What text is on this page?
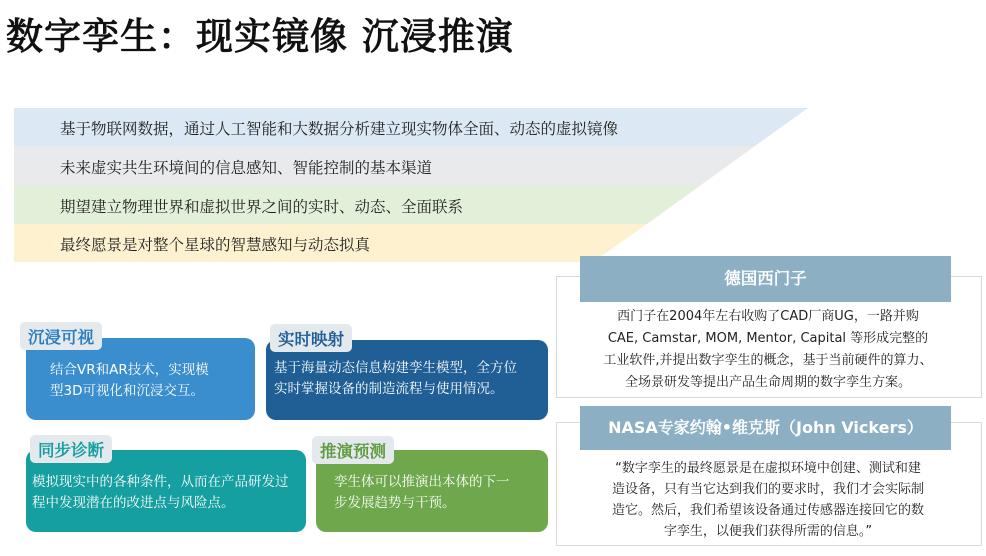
数字孪生：现实镜像 沉浸推演
基于物联网数据，通过人工智能和大数据分析建立现实物体全面、动态的虚拟镜像
未来虚实共生环境间的信息感知、智能控制的基本渠道
期望建立物理世界和虚拟世界之间的实时、动态、全面联系
最终愿景是对整个星球的智慧感知与动态拟真
结合VR和AR技术，实现模
型3D可视化和沉浸交互。
沉浸可视
基于海量动态信息构建孪生模型，全方位
实时掌握设备的制造流程与使用情况。
实时映射
模拟现实中的各种条件，从而在产品研发过
程中发现潜在的改进点与风险点。
同步诊断
孪生体可以推演出本体的下一
步发展趋势与干预。
推演预测
德国西门子
西门子在2004年左右收购了CAD厂商UG，一路并购
CAE, Camstar, MOM, Mentor, Capital 等形成完整的
工业软件,并提出数字孪生的概念，基于当前硬件的算力、
全场景研发等提出产品生命周期的数字孪生方案。
NASA专家约翰•维克斯（John Vickers）
“数字孪生的最终愿景是在虚拟环境中创建、测试和建
造设备，只有当它达到我们的要求时，我们才会实际制
造它。然后，我们希望该设备通过传感器连接回它的数
字孪生，以便我们获得所需的信息。”
